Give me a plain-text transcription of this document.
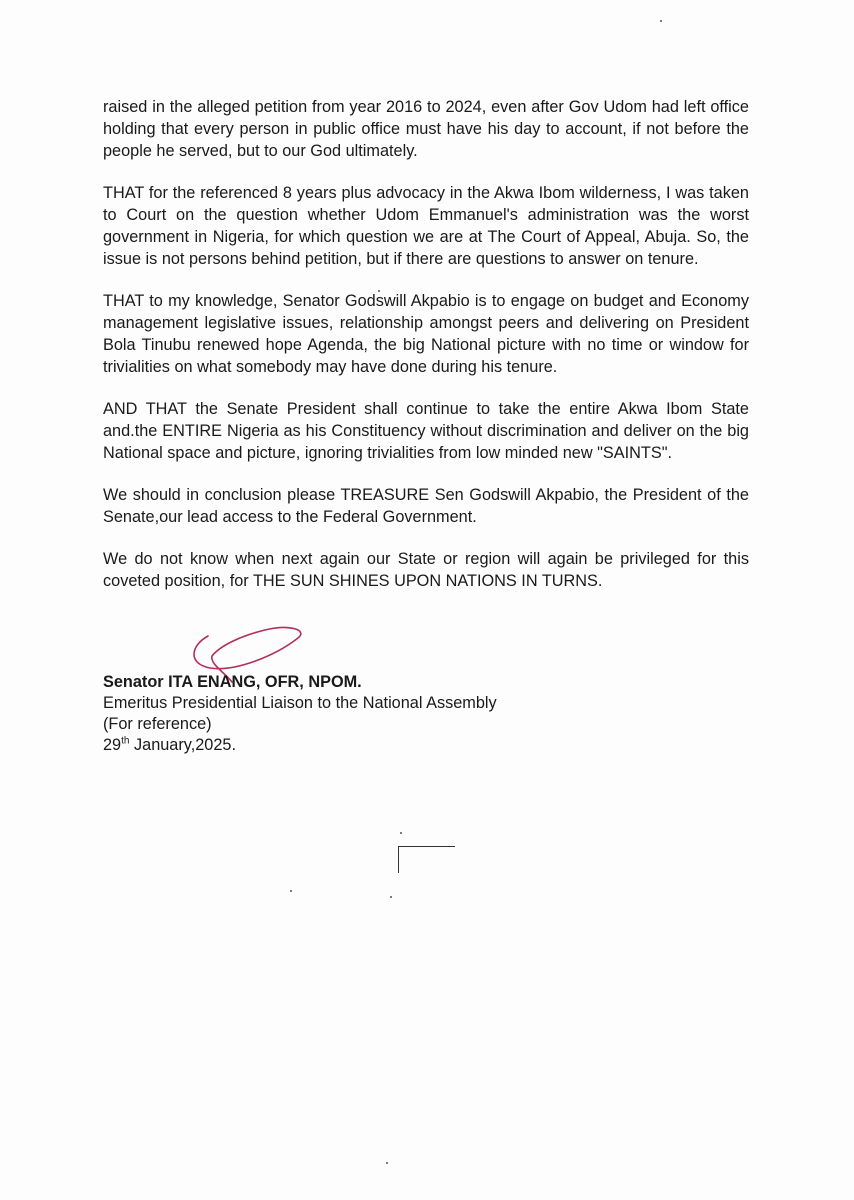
raised in the alleged petition from year 2016 to 2024, even after Gov Udom had left office holding that every person in public office must have his day to account, if not before the people he served, but to our God ultimately.

THAT for the referenced 8 years plus advocacy in the Akwa Ibom wilderness, I was taken to Court on the question whether Udom Emmanuel's administration was the worst government in Nigeria, for which question we are at The Court of Appeal, Abuja. So, the issue is not persons behind petition, but if there are questions to answer on tenure.

THAT to my knowledge, Senator Godswill Akpabio is to engage on budget and Economy management legislative issues, relationship amongst peers and delivering on President Bola Tinubu renewed hope Agenda, the big National picture with no time or window for trivialities on what somebody may have done during his tenure.

AND THAT the Senate President shall continue to take the entire Akwa Ibom State and.the ENTIRE Nigeria as his Constituency without discrimination and deliver on the big National space and picture, ignoring trivialities from low minded new "SAINTS".

We should in conclusion please TREASURE Sen Godswill Akpabio, the President of the Senate,our lead access to the Federal Government.

We do not know when next again our State or region will again be privileged for this coveted position, for THE SUN SHINES UPON NATIONS IN TURNS.

Senator ITA ENANG, OFR, NPOM.
Emeritus Presidential Liaison to the National Assembly
(For reference)
29th January,2025.
